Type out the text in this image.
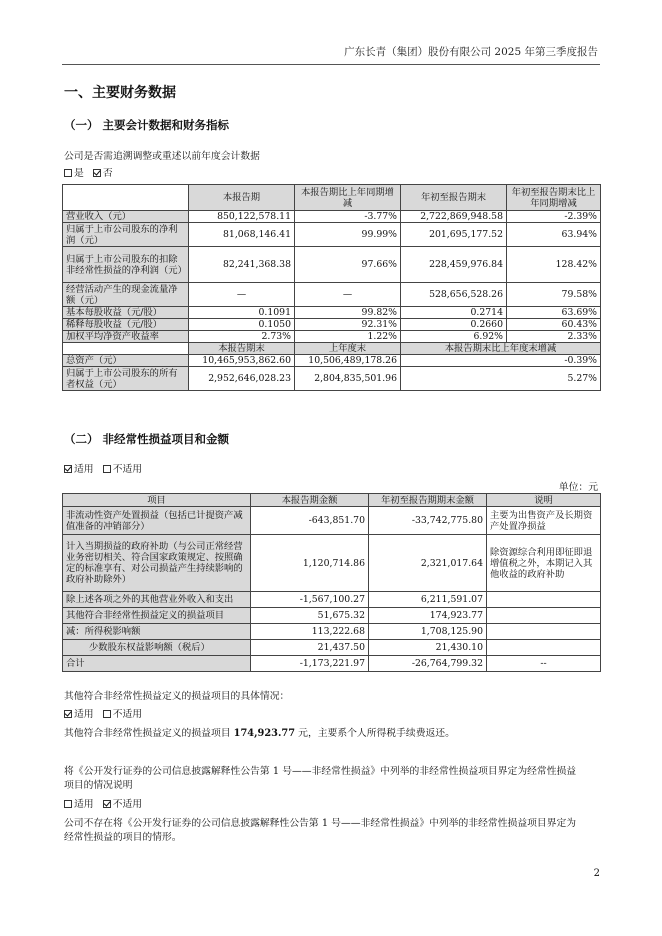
广东长青（集团）股份有限公司 2025 年第三季度报告
一、主要财务数据
（一） 主要会计数据和财务指标
公司是否需追溯调整或重述以前年度会计数据
是 否
	本报告期	本报告期比上年同期增减	年初至报告期末	年初至报告期末比上年同期增减
营业收入（元）	850,122,578.11	-3.77%	2,722,869,948.58	-2.39%
归属于上市公司股东的净利润（元）	81,068,146.41	99.99%	201,695,177.52	63.94%
归属于上市公司股东的扣除非经常性损益的净利润（元）	82,241,368.38	97.66%	228,459,976.84	128.42%
经营活动产生的现金流量净额（元）	—	—	528,656,528.26	79.58%
基本每股收益（元/股）	0.1091	99.82%	0.2714	63.69%
稀释每股收益（元/股）	0.1050	92.31%	0.2660	60.43%
加权平均净资产收益率	2.73%	1.22%	6.92%	2.33%
	本报告期末	上年度末	本报告期末比上年度末增减	
总资产（元）	10,465,953,862.60	10,506,489,178.26	-0.39%	
归属于上市公司股东的所有者权益（元）	2,952,646,028.23	2,804,835,501.96	5.27%	
（二） 非经常性损益项目和金额
适用 不适用
单位：元
项目	本报告期金额	年初至报告期期末金额	说明
非流动性资产处置损益（包括已计提资产减值准备的冲销部分）	-643,851.70	-33,742,775.80	主要为出售资产及长期资产处置净损益
计入当期损益的政府补助（与公司正常经营业务密切相关、符合国家政策规定、按照确定的标准享有、对公司损益产生持续影响的政府补助除外）	1,120,714.86	2,321,017.64	除资源综合利用即征即退增值税之外，本期记入其他收益的政府补助
除上述各项之外的其他营业外收入和支出	-1,567,100.27	6,211,591.07	
其他符合非经常性损益定义的损益项目	51,675.32	174,923.77	
减：所得税影响额	113,222.68	1,708,125.90	
少数股东权益影响额（税后）	21,437.50	21,430.10	
合计	-1,173,221.97	-26,764,799.32	--
其他符合非经常性损益定义的损益项目的具体情况：
适用 不适用
其他符合非经常性损益定义的损益项目 174,923.77 元，主要系个人所得税手续费返还。
将《公开发行证券的公司信息披露解释性公告第 1 号——非经常性损益》中列举的非经常性损益项目界定为经常性损益
项目的情况说明
适用 不适用
公司不存在将《公开发行证券的公司信息披露解释性公告第 1 号——非经常性损益》中列举的非经常性损益项目界定为
经常性损益的项目的情形。
2
